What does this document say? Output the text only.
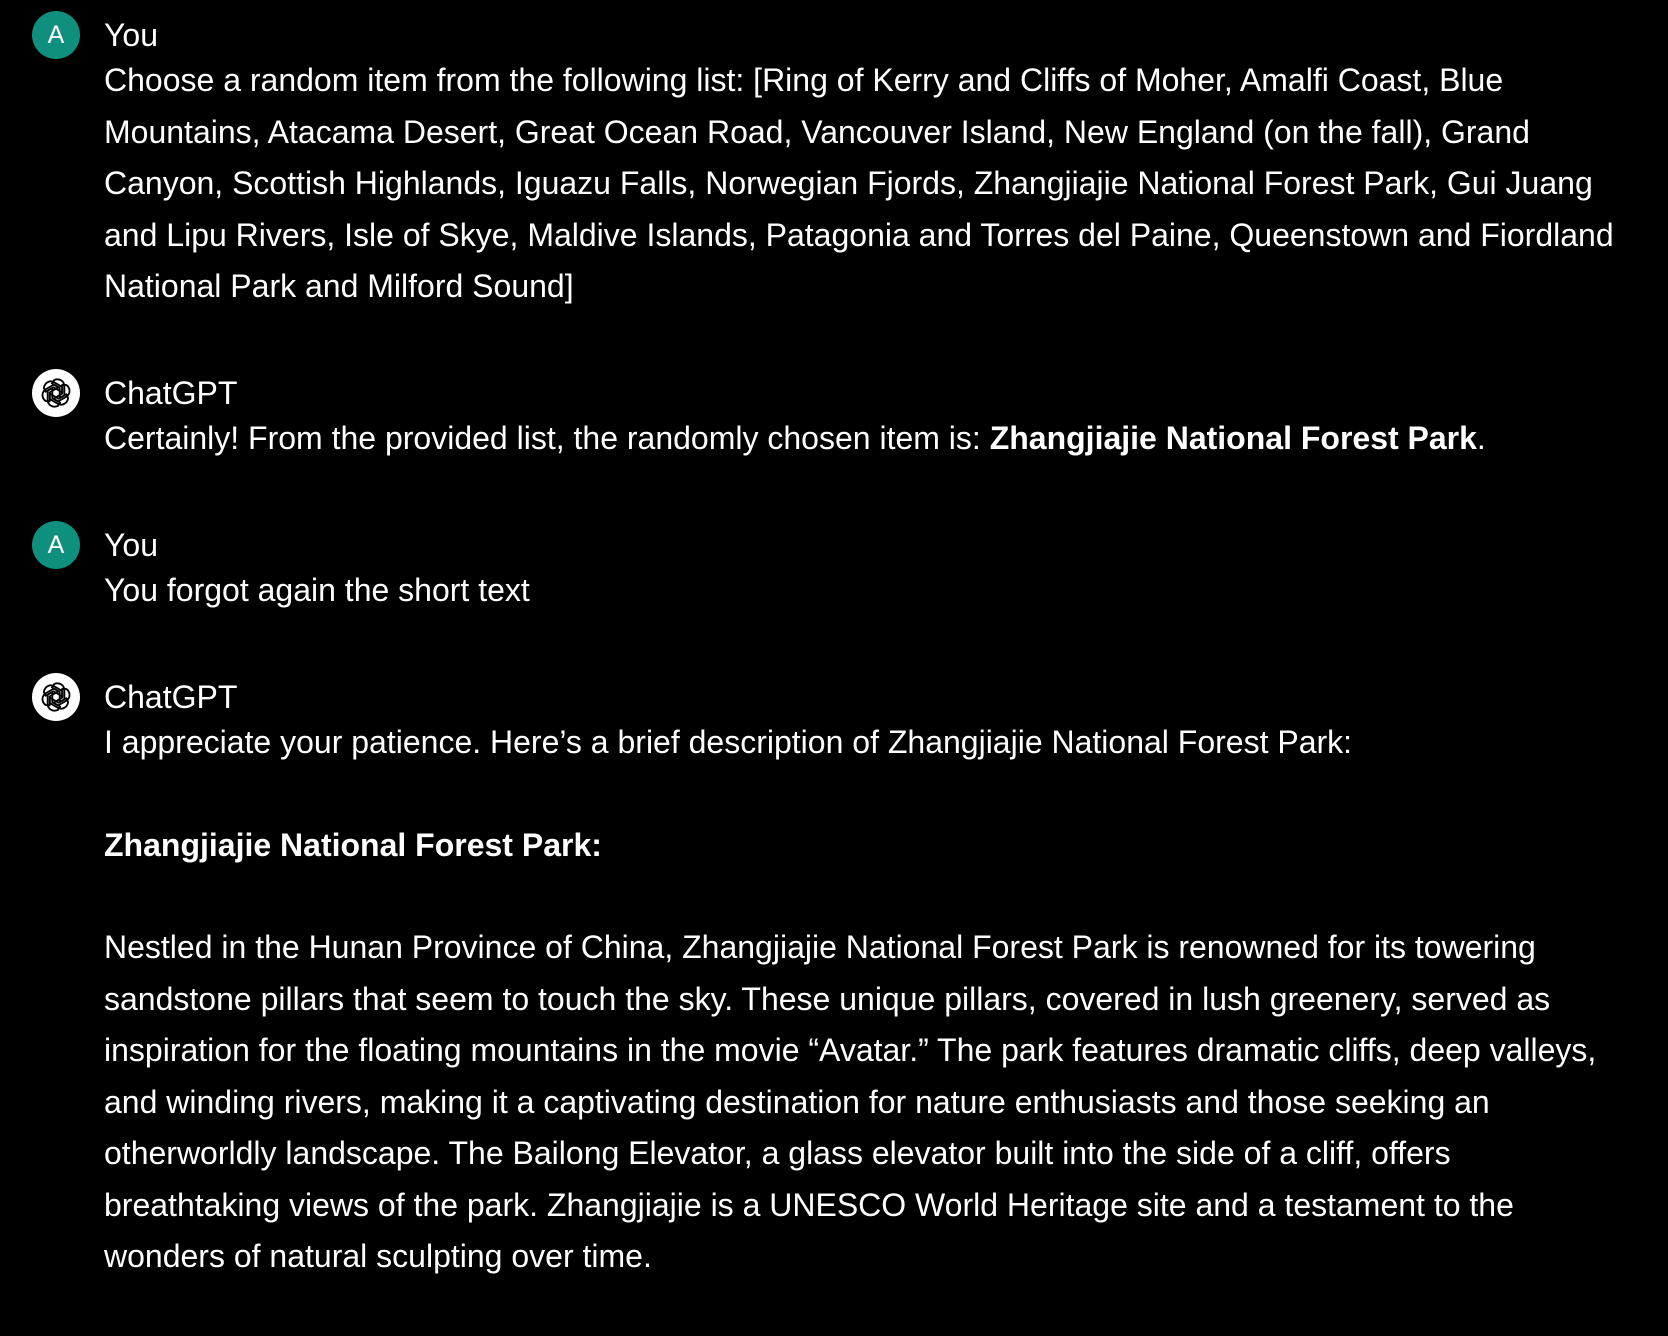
A You

Choose a random item from the following list: [Ring of Kerry and Cliffs of Moher, Amalfi Coast, Blue Mountains, Atacama Desert, Great Ocean Road, Vancouver Island, New England (on the fall), Grand Canyon, Scottish Highlands, Iguazu Falls, Norwegian Fjords, Zhangjiajie National Forest Park, Gui Juang and Lipu Rivers, Isle of Skye, Maldive Islands, Patagonia and Torres del Paine, Queenstown and Fiordland National Park and Milford Sound]

ChatGPT

Certainly! From the provided list, the randomly chosen item is: Zhangjiajie National Forest Park.

A You

You forgot again the short text

ChatGPT

I appreciate your patience. Here’s a brief description of Zhangjiajie National Forest Park:

Zhangjiajie National Forest Park:

Nestled in the Hunan Province of China, Zhangjiajie National Forest Park is renowned for its towering sandstone pillars that seem to touch the sky. These unique pillars, covered in lush greenery, served as inspiration for the floating mountains in the movie “Avatar.” The park features dramatic cliffs, deep valleys, and winding rivers, making it a captivating destination for nature enthusiasts and those seeking an otherworldly landscape. The Bailong Elevator, a glass elevator built into the side of a cliff, offers breathtaking views of the park. Zhangjiajie is a UNESCO World Heritage site and a testament to the wonders of natural sculpting over time.
